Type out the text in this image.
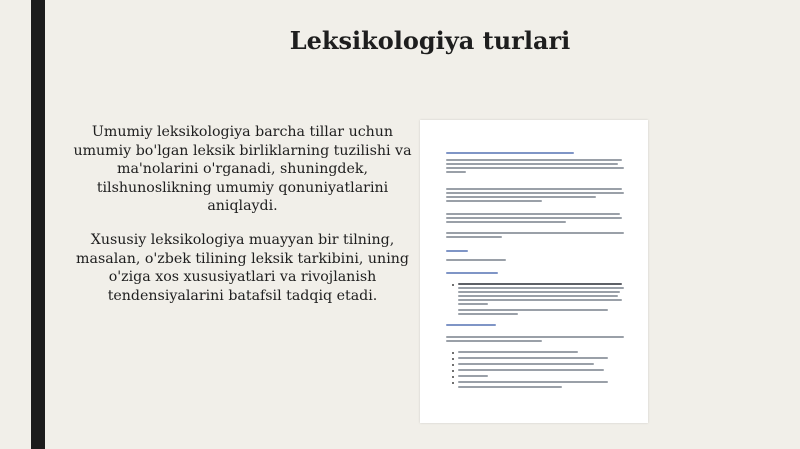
Leksikologiya turlari

Umumiy leksikologiya barcha tillar uchun umumiy bo'lgan leksik birliklarning tuzilishi va ma'nolarini o'rganadi, shuningdek, tilshunoslikning umumiy qonuniyatlarini aniqlaydi.

Xususiy leksikologiya muayyan bir tilning, masalan, o'zbek tilining leksik tarkibini, uning o'ziga xos xususiyatlari va rivojlanish tendensiyalarini batafsil tadqiq etadi.
